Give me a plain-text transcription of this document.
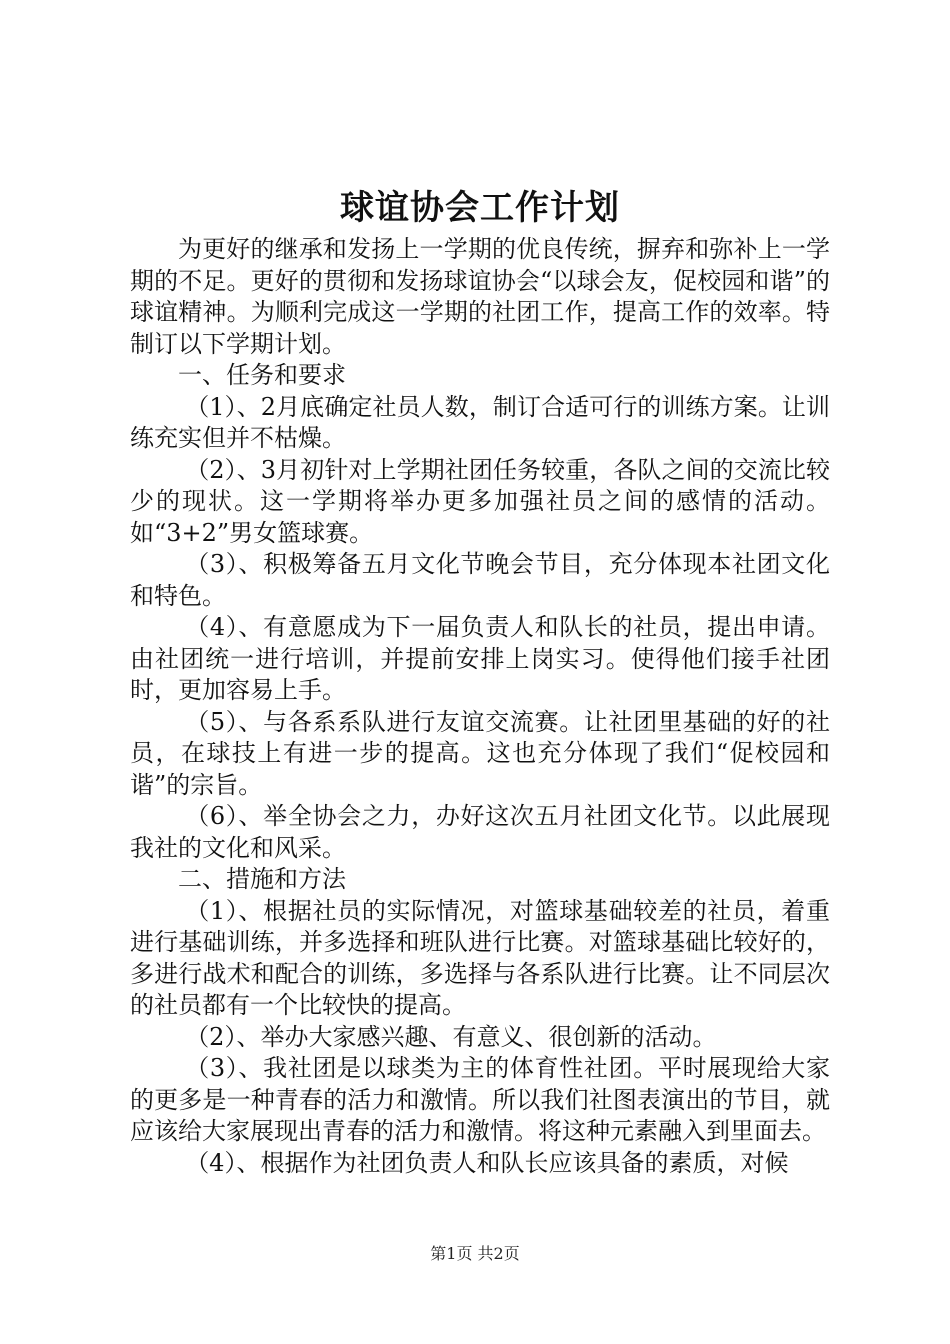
球谊协会工作计划

为更好的继承和发扬上一学期的优良传统，摒弃和弥补上一学期的不足。更好的贯彻和发扬球谊协会“以球会友，促校园和谐”的球谊精神。为顺利完成这一学期的社团工作，提高工作的效率。特制订以下学期计划。

一、任务和要求

（1）、2月底确定社员人数，制订合适可行的训练方案。让训练充实但并不枯燥。

（2）、3月初针对上学期社团任务较重，各队之间的交流比较少的现状。这一学期将举办更多加强社员之间的感情的活动。如“3+2”男女篮球赛。

（3）、积极筹备五月文化节晚会节目，充分体现本社团文化和特色。

（4）、有意愿成为下一届负责人和队长的社员，提出申请。由社团统一进行培训，并提前安排上岗实习。使得他们接手社团时，更加容易上手。

（5）、与各系系队进行友谊交流赛。让社团里基础的好的社员，在球技上有进一步的提高。这也充分体现了我们“促校园和谐”的宗旨。

（6）、举全协会之力，办好这次五月社团文化节。以此展现我社的文化和风采。

二、措施和方法

（1）、根据社员的实际情况，对篮球基础较差的社员，着重进行基础训练，并多选择和班队进行比赛。对篮球基础比较好的，多进行战术和配合的训练，多选择与各系队进行比赛。让不同层次的社员都有一个比较快的提高。

（2）、举办大家感兴趣、有意义、很创新的活动。

（3）、我社团是以球类为主的体育性社团。平时展现给大家的更多是一种青春的活力和激情。所以我们社图表演出的节目，就应该给大家展现出青春的活力和激情。将这种元素融入到里面去。

（4）、根据作为社团负责人和队长应该具备的素质，对候

第1页 共2页
